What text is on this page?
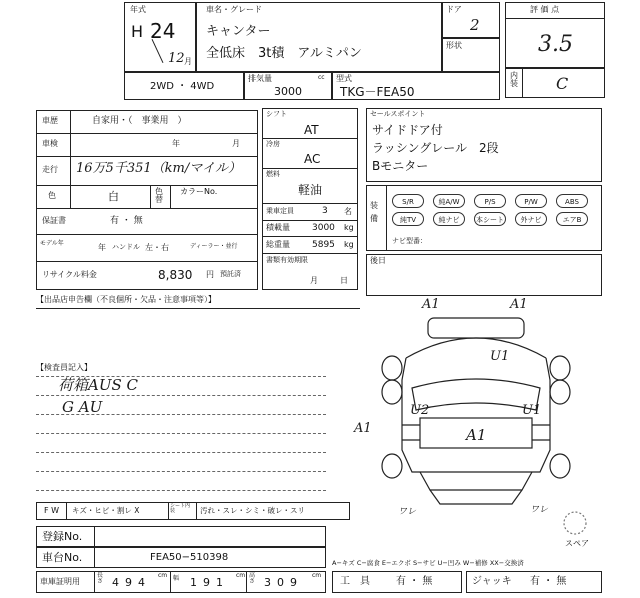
年式
H 24
12 月
車名・グレード
キャンター
全低床　3t積　アルミパン
ドア
2
形状
評 価 点
3.5
内装 C
2WD ・ 4WD
排気量	cc
3000
型式
TKG－FEA50
車歴	自家用・（　事業用　）
車検	年	月
走行 16万5千351（km/マイル）
色	白	色替
カラーNo.
保証書	有 ・ 無
モデル年	年 ハンドル 左・右	ディーラー・並行
リサイクル料金	8,830 円 預託済
【出品店申告欄（不良個所・欠品・注意事項等）】
【検査員記入】
荷箱AUS C
G AU
シフト
AT
冷房
AC
燃料
軽油
乗車定員	3 名
積載量 3000 kg
総重量 5895 kg
書類有効期限
月	日
セールスポイント
サイドドア付
ラッシングレール　2段
Bモニター
装備
S/R	純A/W	P/S	P/W	ABS
純TV	純ナビ	本シート	外ナビ	エアB
ナビ型番：
後日
A1	A1
U1
U1
U2
A1	A1
ワレ	ワレ
スペア
A−キズ C−腐食 E−エクボ S−サビ U−凹み W−補修 XX−交換済
F W キズ・ヒビ・割レ X	シート内装	汚れ・スレ・シミ・破レ・スリ
登録No.
車台No.	FEA50−510398
車庫証明用
長さ 494
cm 幅 191
cm 高さ 309
cm
工　具	有 ・ 無	ジャッキ 有 ・ 無
